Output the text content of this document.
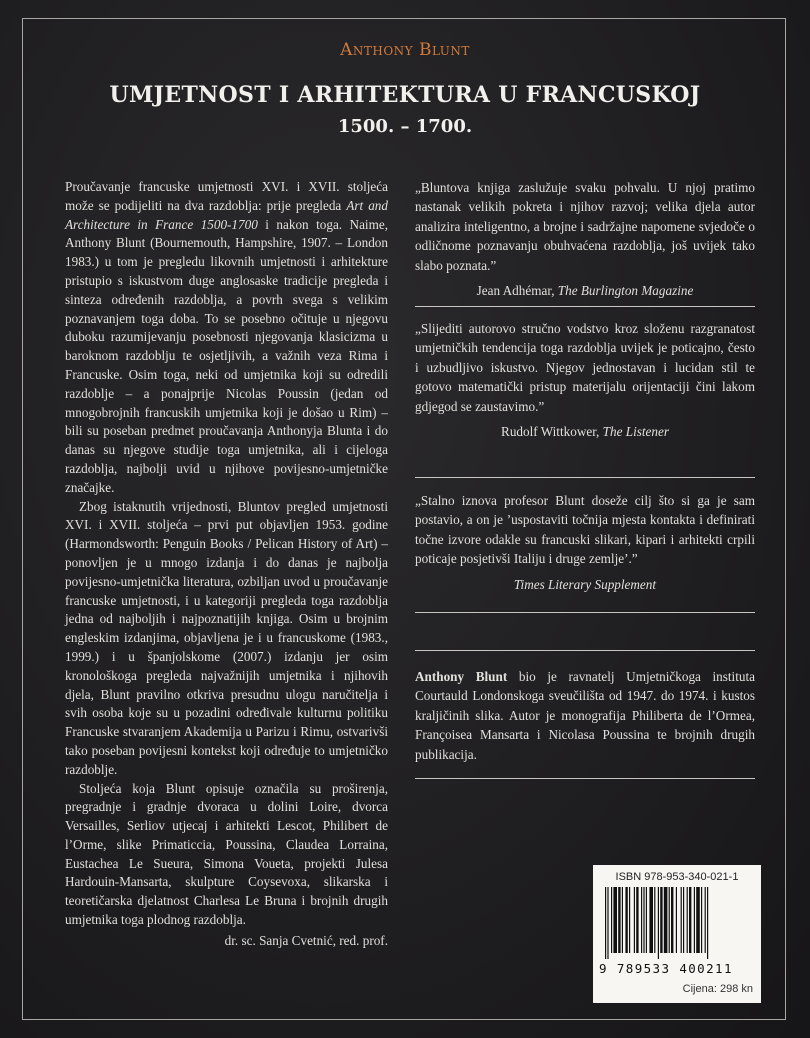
Anthony Blunt
UMJETNOST I ARHITEKTURA U FRANCUSKOJ
1500. – 1700.

Proučavanje francuske umjetnosti XVI. i XVII. stoljeća može se podijeliti na dva razdoblja: prije pregleda Art and Architecture in France 1500-1700 i nakon toga. Naime, Anthony Blunt (Bournemouth, Hampshire, 1907. – London 1983.) u tom je pregledu likovnih umjetnosti i arhitekture pristupio s iskustvom duge anglosaske tradicije pregleda i sinteza određenih razdoblja, a povrh svega s velikim poznavanjem toga doba. To se posebno očituje u njegovu duboku razumijevanju posebnosti njegovanja klasicizma u baroknom razdoblju te osjetljivih, a važnih veza Rima i Francuske. Osim toga, neki od umjetnika koji su odredili razdoblje – a ponajprije Nicolas Poussin (jedan od mnogobrojnih francuskih umjetnika koji je došao u Rim) – bili su poseban predmet proučavanja Anthonyja Blunta i do danas su njegove studije toga umjetnika, ali i cijeloga razdoblja, najbolji uvid u njihove povijesno-umjetničke značajke.

Zbog istaknutih vrijednosti, Bluntov pregled umjetnosti XVI. i XVII. stoljeća – prvi put objavljen 1953. godine (Harmondsworth: Penguin Books / Pelican History of Art) – ponovljen je u mnogo izdanja i do danas je najbolja povijesno-umjetnička literatura, ozbiljan uvod u proučavanje francuske umjetnosti, i u kategoriji pregleda toga razdoblja jedna od najboljih i najpoznatijih knjiga. Osim u brojnim engleskim izdanjima, objavljena je i u francuskome (1983., 1999.) i u španjolskome (2007.) izdanju jer osim kronološkoga pregleda najvažnijih umjetnika i njihovih djela, Blunt pravilno otkriva presudnu ulogu naručitelja i svih osoba koje su u pozadini određivale kulturnu politiku Francuske stvaranjem Akademija u Parizu i Rimu, ostvarivši tako poseban povijesni kontekst koji određuje to umjetničko razdoblje.

Stoljeća koja Blunt opisuje označila su proširenja, pregradnje i gradnje dvoraca u dolini Loire, dvorca Versailles, Serliov utjecaj i arhitekti Lescot, Philibert de l’Orme, slike Primaticcia, Poussina, Claudea Lorraina, Eustachea Le Sueura, Simona Voueta, projekti Julesa Hardouin-Mansarta, skulpture Coysevoxa, slikarska i teoretičarska djelatnost Charlesa Le Bruna i brojnih drugih umjetnika toga plodnog razdoblja.

dr. sc. Sanja Cvetnić, red. prof.

„Bluntova knjiga zaslužuje svaku pohvalu. U njoj pratimo nastanak velikih pokreta i njihov razvoj; velika djela autor analizira inteligentno, a brojne i sadržajne napomene svjedoče o odličnome poznavanju obuhvaćena razdoblja, još uvijek tako slabo poznata.”

Jean Adhémar, The Burlington Magazine

„Slijediti autorovo stručno vodstvo kroz složenu razgranatost umjetničkih tendencija toga razdoblja uvijek je poticajno, često i uzbudljivo iskustvo. Njegov jednostavan i lucidan stil te gotovo matematički pristup materijalu orijentaciji čini lakom gdjegod se zaustavimo.”

Rudolf Wittkower, The Listener

„Stalno iznova profesor Blunt doseže cilj što si ga je sam postavio, a on je ’uspostaviti točnija mjesta kontakta i definirati točne izvore odakle su francuski slikari, kipari i arhitekti crpili poticaje posjetivši Italiju i druge zemlje’.”

Times Literary Supplement

Anthony Blunt bio je ravnatelj Umjetničkoga instituta Courtauld Londonskoga sveučilišta od 1947. do 1974. i kustos kraljičinih slika. Autor je monografija Philiberta de l’Ormea, Françoisea Mansarta i Nicolasa Poussina te brojnih drugih publikacija.

ISBN 978-953-340-021-1
9 789533 400211
Cijena: 298 kn
